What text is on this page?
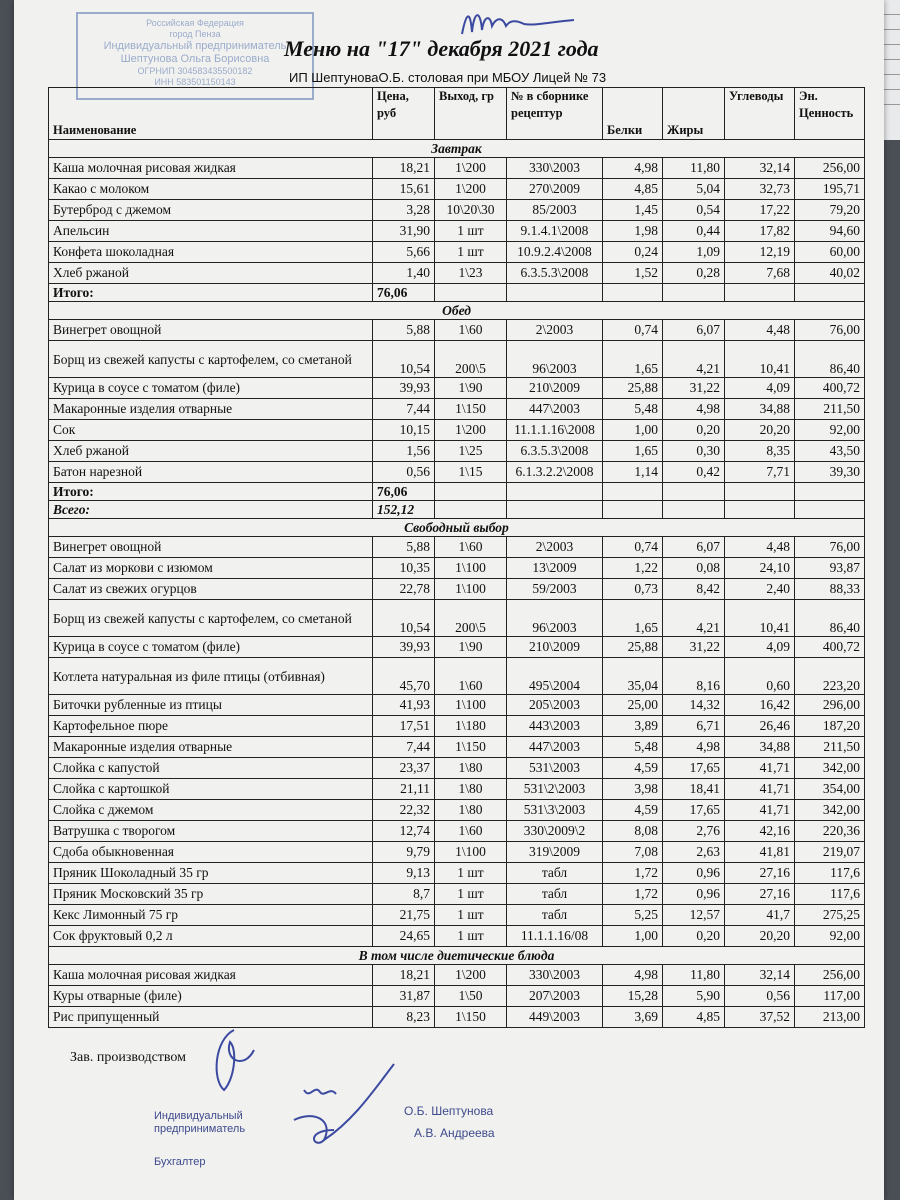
Российская Федерация
город Пенза
Индивидуальный предприниматель
Шептунова Ольга Борисовна
ОГРНИП 304583435500182
ИНН 583501150143
Меню на "17" декабря 2021 года
ИП ШептуноваО.Б. столовая при МБОУ Лицей № 73
Наименование	Цена, руб	Выход, гр	№ в сборнике рецептур	Белки	Жиры	Углеводы	Эн. Ценность
Завтрак							
Каша молочная рисовая жидкая	18,21	1\200	330\2003	4,98	11,80	32,14	256,00
Какао с молоком	15,61	1\200	270\2009	4,85	5,04	32,73	195,71
Бутерброд с джемом	3,28	10\20\30	85/2003	1,45	0,54	17,22	79,20
Апельсин	31,90	1 шт	9.1.4.1\2008	1,98	0,44	17,82	94,60
Конфета шоколадная	5,66	1 шт	10.9.2.4\2008	0,24	1,09	12,19	60,00
Хлеб ржаной	1,40	1\23	6.3.5.3\2008	1,52	0,28	7,68	40,02
Итого:	76,06						
Обед							
Винегрет овощной	5,88	1\60	2\2003	0,74	6,07	4,48	76,00
Борщ из свежей капусты с картофелем, со сметаной	10,54	200\5	96\2003	1,65	4,21	10,41	86,40
Курица в соусе с томатом (филе)	39,93	1\90	210\2009	25,88	31,22	4,09	400,72
Макаронные изделия отварные	7,44	1\150	447\2003	5,48	4,98	34,88	211,50
Сок	10,15	1\200	11.1.1.16\2008	1,00	0,20	20,20	92,00
Хлеб ржаной	1,56	1\25	6.3.5.3\2008	1,65	0,30	8,35	43,50
Батон нарезной	0,56	1\15	6.1.3.2.2\2008	1,14	0,42	7,71	39,30
Итого:	76,06						
Всего:	152,12						
Свободный выбор							
Винегрет овощной	5,88	1\60	2\2003	0,74	6,07	4,48	76,00
Салат из моркови с изюмом	10,35	1\100	13\2009	1,22	0,08	24,10	93,87
Салат из свежих огурцов	22,78	1\100	59/2003	0,73	8,42	2,40	88,33
Борщ из свежей капусты с картофелем, со сметаной	10,54	200\5	96\2003	1,65	4,21	10,41	86,40
Курица в соусе с томатом (филе)	39,93	1\90	210\2009	25,88	31,22	4,09	400,72
Котлета натуральная из филе птицы (отбивная)	45,70	1\60	495\2004	35,04	8,16	0,60	223,20
Биточки рубленные из птицы	41,93	1\100	205\2003	25,00	14,32	16,42	296,00
Картофельное пюре	17,51	1\180	443\2003	3,89	6,71	26,46	187,20
Макаронные изделия отварные	7,44	1\150	447\2003	5,48	4,98	34,88	211,50
Слойка с капустой	23,37	1\80	531\2003	4,59	17,65	41,71	342,00
Слойка с картошкой	21,11	1\80	531\2\2003	3,98	18,41	41,71	354,00
Слойка с джемом	22,32	1\80	531\3\2003	4,59	17,65	41,71	342,00
Ватрушка с творогом	12,74	1\60	330\2009\2	8,08	2,76	42,16	220,36
Сдоба обыкновенная	9,79	1\100	319\2009	7,08	2,63	41,81	219,07
Пряник Шоколадный 35 гр	9,13	1 шт	табл	1,72	0,96	27,16	117,6
Пряник Московский 35 гр	8,7	1 шт	табл	1,72	0,96	27,16	117,6
Кекс Лимонный 75 гр	21,75	1 шт	табл	5,25	12,57	41,7	275,25
Сок фруктовый 0,2 л	24,65	1 шт	11.1.1.16/08	1,00	0,20	20,20	92,00
В том числе диетические блюда							
Каша молочная рисовая жидкая	18,21	1\200	330\2003	4,98	11,80	32,14	256,00
Куры отварные (филе)	31,87	1\50	207\2003	15,28	5,90	0,56	117,00
Рис припущенный	8,23	1\150	449\2003	3,69	4,85	37,52	213,00
Зав. производством
Индивидуальный предприниматель
Бухгалтер
О.Б. Шептунова
А.В. Андреева
